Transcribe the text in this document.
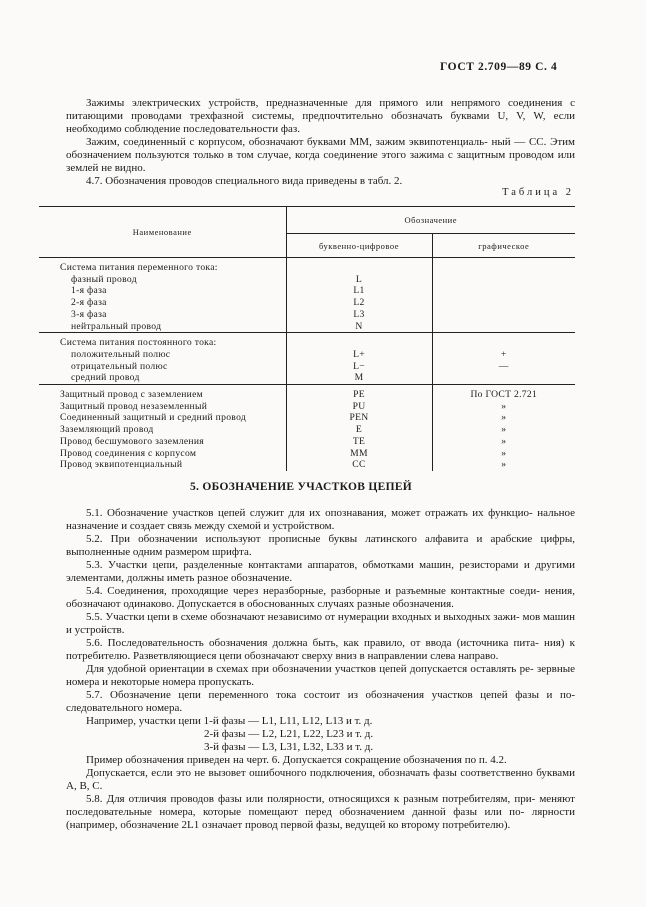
ГОСТ 2.709—89 С. 4

Зажимы электрических устройств, предназначенные для прямого или непрямого соединения с питающими проводами трехфазной системы, предпочтительно обозначать буквами U, V, W, если необходимо соблюдение последовательности фаз.

Зажим, соединенный с корпусом, обозначают буквами MM, зажим эквипотенциаль- ный — CC. Этим обозначением пользуются только в том случае, когда соединение этого зажима с защитным проводом или землей не видно.

4.7. Обозначения проводов специального вида приведены в табл. 2.

Таблица 2
Наименование	Обозначение	
	буквенно-цифровое	графическое

Система питания переменного тока:		
фазный провод	L	
1-я фаза	L1	
2-я фаза	L2	
3-я фаза	L3	
нейтральный провод	N	

Система питания постоянного тока:		
положительный полюс	L+	+
отрицательный полюс	L−	—
средний провод	M	

Защитный провод с заземлением	PE	По ГОСТ 2.721
Защитный провод незаземленный	PU	»
Соединенный защитный и средний провод	PEN	»
Заземляющий провод	E	»
Провод бесшумового заземления	TE	»
Провод соединения с корпусом	MM	»
Провод эквипотенциальный	CC	»
5. ОБОЗНАЧЕНИЕ УЧАСТКОВ ЦЕПЕЙ

5.1. Обозначение участков цепей служит для их опознавания, может отражать их функцио- нальное назначение и создает связь между схемой и устройством.

5.2. При обозначении используют прописные буквы латинского алфавита и арабские цифры, выполненные одним размером шрифта.

5.3. Участки цепи, разделенные контактами аппаратов, обмотками машин, резисторами и другими элементами, должны иметь разное обозначение.

5.4. Соединения, проходящие через неразборные, разборные и разъемные контактные соеди- нения, обозначают одинаково. Допускается в обоснованных случаях разные обозначения.

5.5. Участки цепи в схеме обозначают независимо от нумерации входных и выходных зажи- мов машин и устройств.

5.6. Последовательность обозначения должна быть, как правило, от ввода (источника пита- ния) к потребителю. Разветвляющиеся цепи обозначают сверху вниз в направлении слева направо.

Для удобной ориентации в схемах при обозначении участков цепей допускается оставлять ре- зервные номера и некоторые номера пропускать.

5.7. Обозначение цепи переменного тока состоит из обозначения участков цепей фазы и по- следовательного номера.

Например, участки цепи 1-й фазы — L1, L11, L12, L13 и т. д.
2-й фазы — L2, L21, L22, L23 и т. д.
3-й фазы — L3, L31, L32, L33 и т. д.

Пример обозначения приведен на черт. 6. Допускается сокращение обозначения по п. 4.2.

Допускается, если это не вызовет ошибочного подключения, обозначать фазы соответственно буквами A, B, C.

5.8. Для отличия проводов фазы или полярности, относящихся к разным потребителям, при- меняют последовательные номера, которые помещают перед обозначением данной фазы или по- лярности (например, обозначение 2L1 означает провод первой фазы, ведущей ко второму потребителю).
